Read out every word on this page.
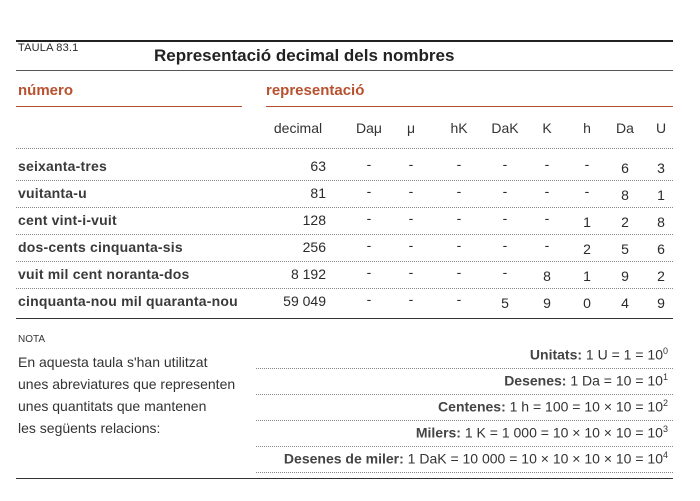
TAULA 83.1	Representació decimal dels nombres
número	representació
decimal	Daμ	μ	hK	DaK	K	h	Da	U
seixanta-tres	63	-	-	-	-	-	-	6	3
vuitanta-u	81	-	-	-	-	-	-	8	1
cent vint-i-vuit	128	-	-	-	-	-	1	2	8
dos-cents cinquanta-sis	256	-	-	-	-	-	2	5	6
vuit mil cent noranta-dos	8 192	-	-	-	-	8	1	9	2
cinquanta-nou mil quaranta-nou	59 049	-	-	-	5	9	0	4	9
NOTA
En aquesta taula s'han utilitzat
unes abreviatures que representen
unes quantitats que mantenen
les següents relacions:
Unitats: 1 $U = 1 = 10^0$
Desenes: 1 $Da = 10 = 10^1$
Centenes: 1 $h = 100 = 10 \times 10 = 10^2$
Milers: 1 K = 1 $000 = 10 \times 10 \times 10 = 10^3$
Desenes de miler: 1 DaK = 10 $000 = 10 \times 10 \times 10 \times 10 = 10^4$
